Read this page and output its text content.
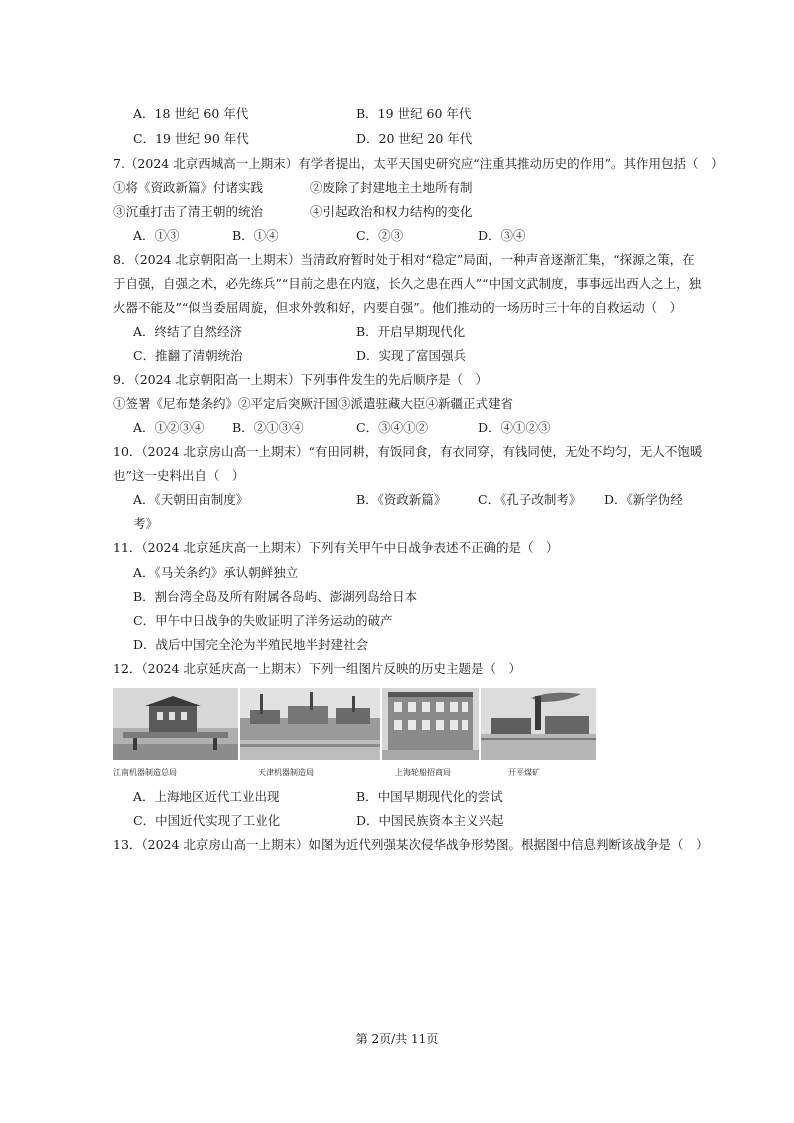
A．18 世纪 60 年代	B．19 世纪 60 年代
C．19 世纪 90 年代	D．20 世纪 20 年代
7.（2024 北京西城高一上期末）有学者提出，太平天国史研究应“注重其推动历史的作用”。其作用包括（　）
①将《资政新篇》付诸实践	②废除了封建地主土地所有制
③沉重打击了清王朝的统治	④引起政治和权力结构的变化
A．①③	B．①④	C．②③	D．③④
8．（2024 北京朝阳高一上期末）当清政府暂时处于相对“稳定”局面，一种声音逐渐汇集，“探源之策，在
于自强，自强之术，必先练兵”“目前之患在内寇，长久之患在西人”“中国文武制度，事事远出西人之上，独
火器不能及”“似当委屈周旋，但求外敦和好，内要自强”。他们推动的一场历时三十年的自救运动（　）
A．终结了自然经济	B．开启早期现代化
C．推翻了清朝统治	D．实现了富国强兵
9．（2024 北京朝阳高一上期末）下列事件发生的先后顺序是（　）
①签署《尼布楚条约》②平定后突厥汗国③派遣驻藏大臣④新疆正式建省
A．①②③④ B．②①③④	C．③④①②	D．④①②③
10．（2024 北京房山高一上期末）“有田同耕，有饭同食，有衣同穿，有钱同使，无处不均匀，无人不饱暖
也”这一史料出自（　）
A．《天朝田亩制度》	B．《资政新篇》	C．《孔子改制考》 D．《新学伪经
考》
11．（2024 北京延庆高一上期末）下列有关甲午中日战争表述不正确的是（　）
A．《马关条约》承认朝鲜独立
B．割台湾全岛及所有附属各岛屿、澎湖列岛给日本
C．甲午中日战争的失败证明了洋务运动的破产
D．战后中国完全沦为半殖民地半封建社会
12．（2024 北京延庆高一上期末）下列一组图片反映的历史主题是（　）
江南机器制造总局	天津机器制造局	上海轮船招商局	开平煤矿
A．上海地区近代工业出现	B．中国早期现代化的尝试
C．中国近代实现了工业化	D．中国民族资本主义兴起
13．（2024 北京房山高一上期末）如图为近代列强某次侵华战争形势图。根据图中信息判断该战争是（　）
第 2页/共 11页
